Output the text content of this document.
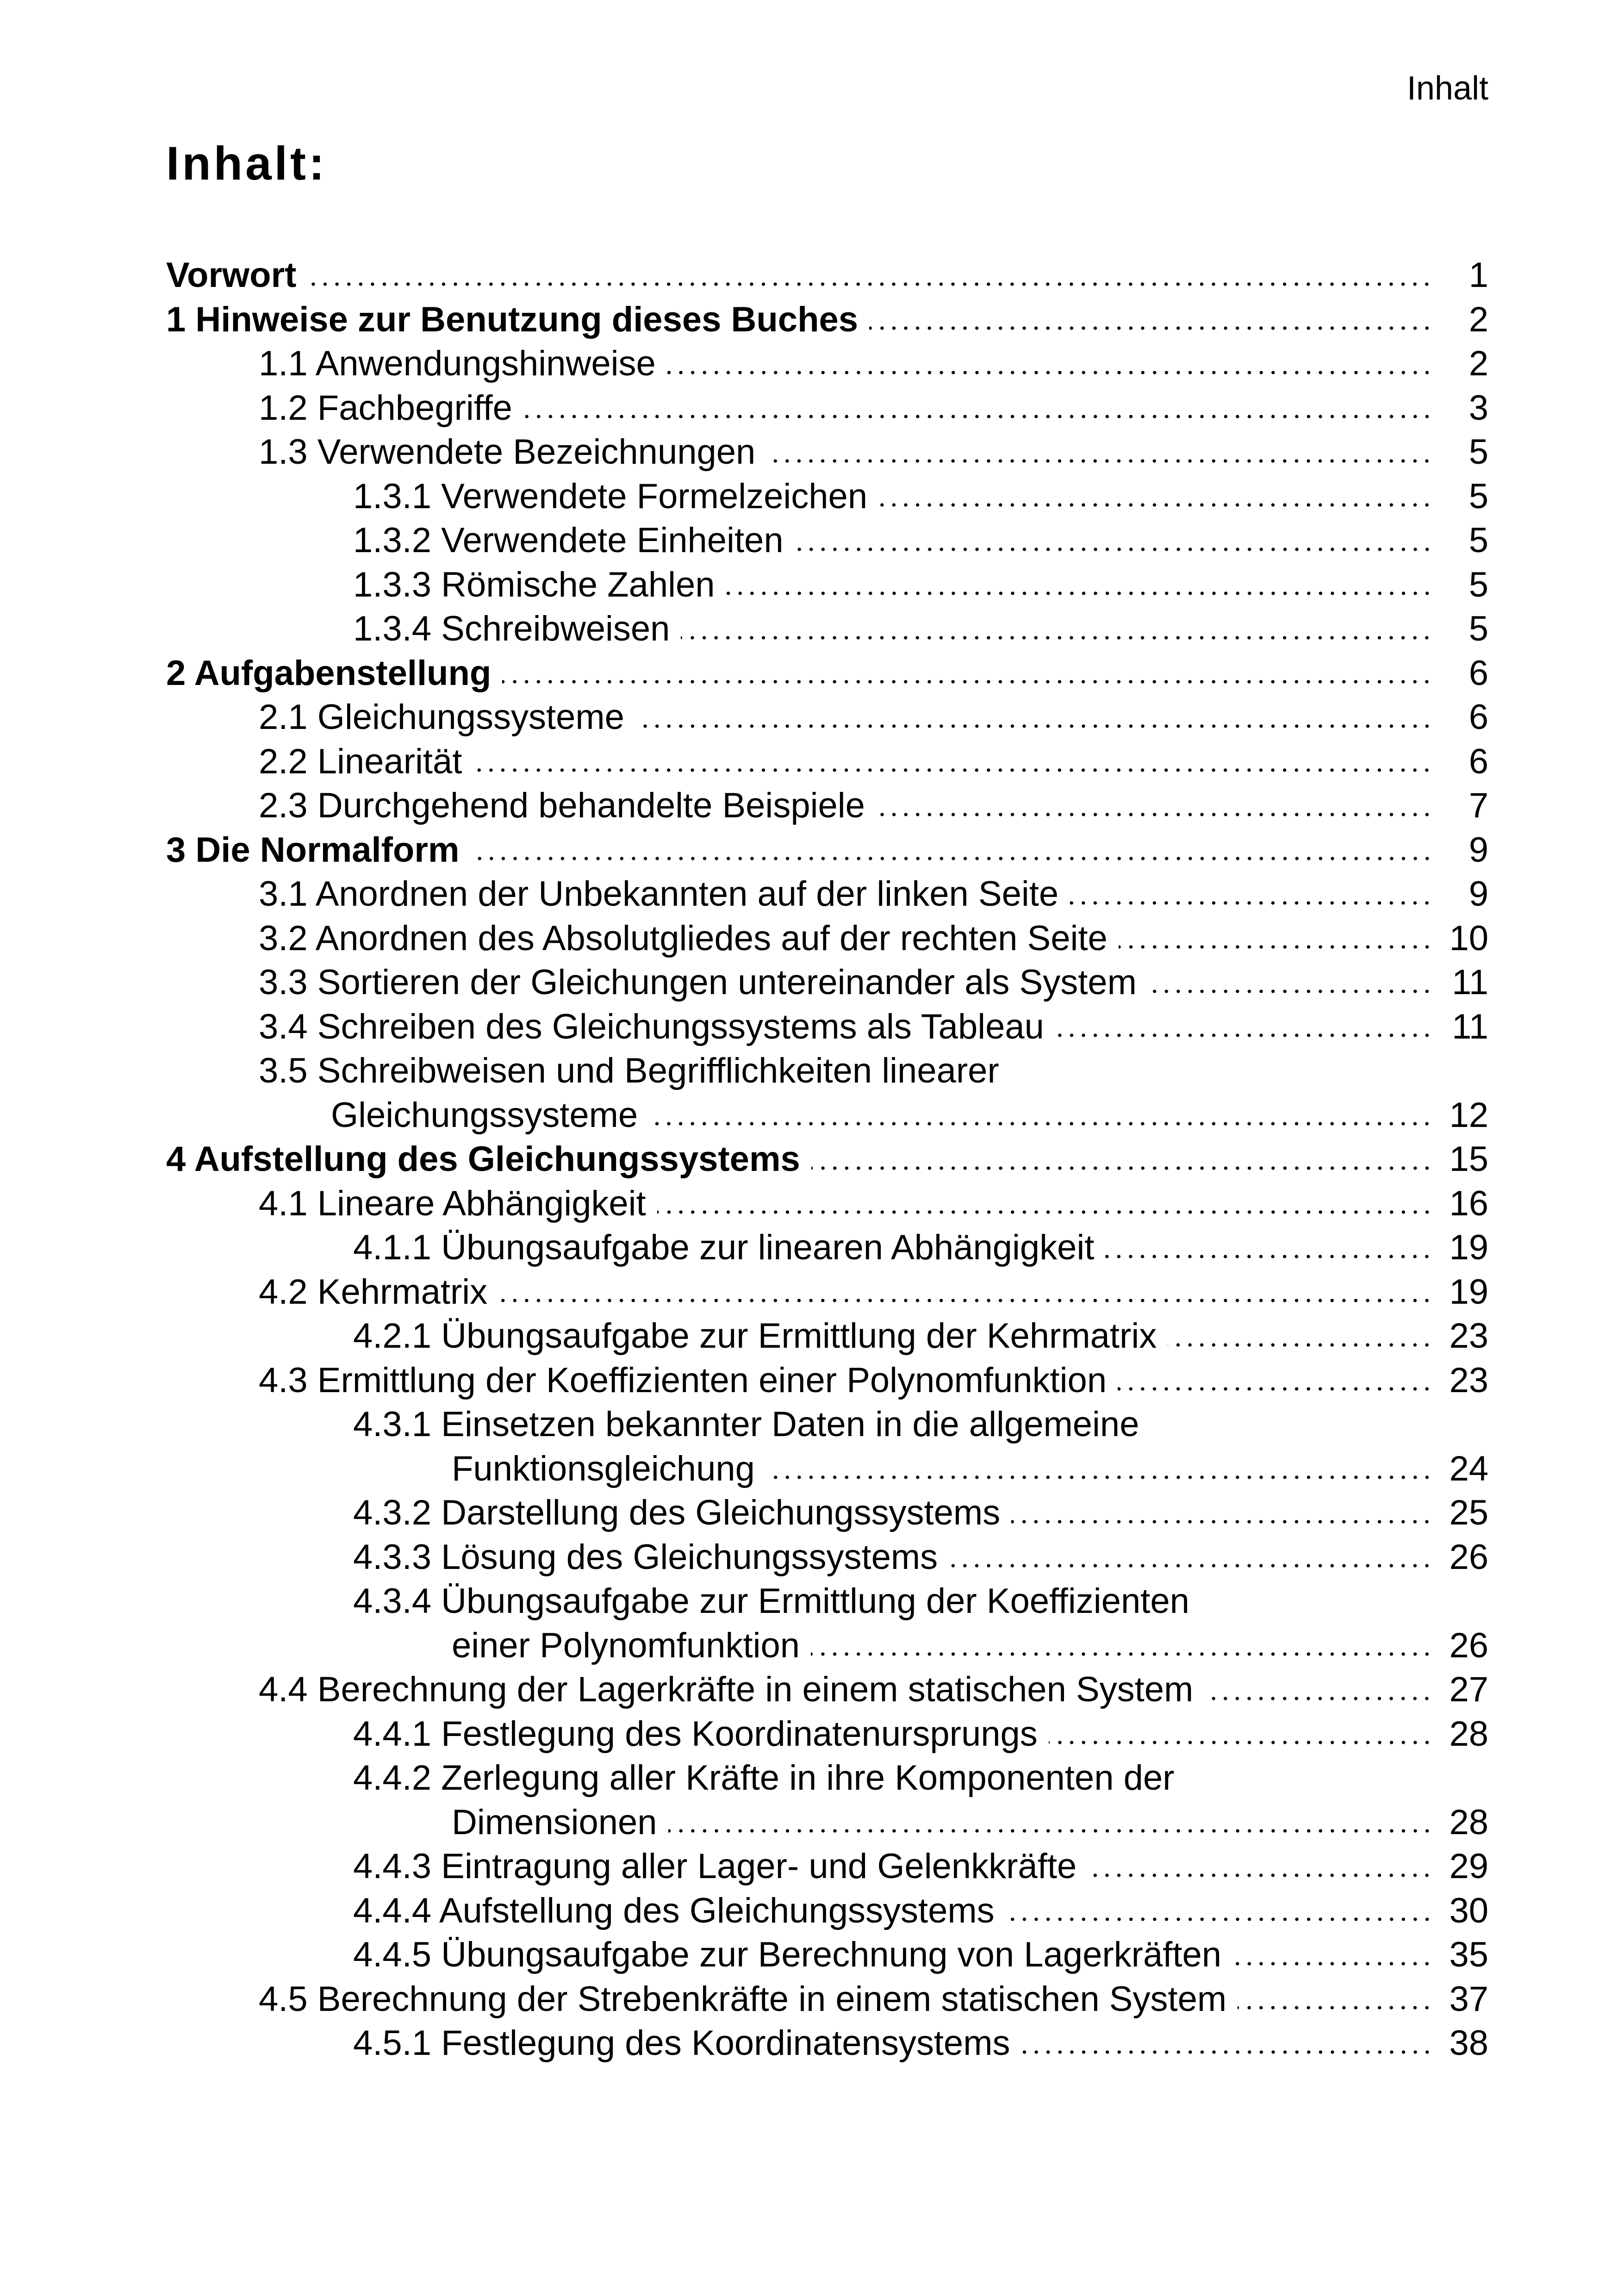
Inhalt
Inhalt:
Vorwort	1
1 Hinweise zur Benutzung dieses Buches	2
1.1 Anwendungshinweise	2
1.2 Fachbegriffe	3
1.3 Verwendete Bezeichnungen	5
1.3.1 Verwendete Formelzeichen	5
1.3.2 Verwendete Einheiten	5
1.3.3 Römische Zahlen	5
1.3.4 Schreibweisen	5
2 Aufgabenstellung	6
2.1 Gleichungssysteme	6
2.2 Linearität	6
2.3 Durchgehend behandelte Beispiele	7
3 Die Normalform	9
3.1 Anordnen der Unbekannten auf der linken Seite	9
3.2 Anordnen des Absolutgliedes auf der rechten Seite	10
3.3 Sortieren der Gleichungen untereinander als System	11
3.4 Schreiben des Gleichungssystems als Tableau	11
3.5 Schreibweisen und Begrifflichkeiten linearer
Gleichungssysteme	12
4 Aufstellung des Gleichungssystems	15
4.1 Lineare Abhängigkeit	16
4.1.1 Übungsaufgabe zur linearen Abhängigkeit	19
4.2 Kehrmatrix	19
4.2.1 Übungsaufgabe zur Ermittlung der Kehrmatrix	23
4.3 Ermittlung der Koeffizienten einer Polynomfunktion	23
4.3.1 Einsetzen bekannter Daten in die allgemeine
Funktionsgleichung	24
4.3.2 Darstellung des Gleichungssystems	25
4.3.3 Lösung des Gleichungssystems	26
4.3.4 Übungsaufgabe zur Ermittlung der Koeffizienten
einer Polynomfunktion	26
4.4 Berechnung der Lagerkräfte in einem statischen System	27
4.4.1 Festlegung des Koordinatenursprungs	28
4.4.2 Zerlegung aller Kräfte in ihre Komponenten der
Dimensionen	28
4.4.3 Eintragung aller Lager- und Gelenkkräfte	29
4.4.4 Aufstellung des Gleichungssystems	30
4.4.5 Übungsaufgabe zur Berechnung von Lagerkräften	35
4.5 Berechnung der Strebenkräfte in einem statischen System	37
4.5.1 Festlegung des Koordinatensystems	38
